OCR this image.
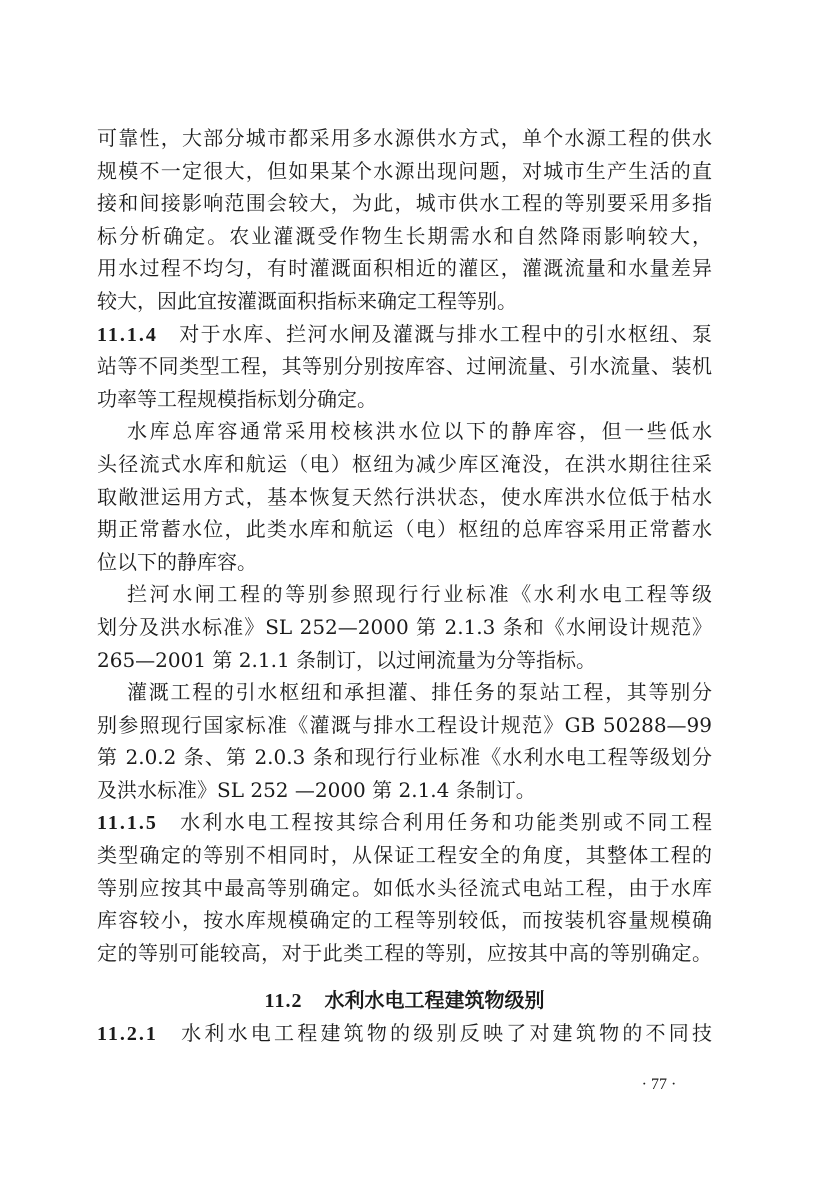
可靠性，大部分城市都采用多水源供水方式，单个水源工程的供水
规模不一定很大，但如果某个水源出现问题，对城市生产生活的直
接和间接影响范围会较大，为此，城市供水工程的等别要采用多指
标分析确定。农业灌溉受作物生长期需水和自然降雨影响较大，
用水过程不均匀，有时灌溉面积相近的灌区，灌溉流量和水量差异
较大，因此宜按灌溉面积指标来确定工程等别。
11.1.4 对于水库、拦河水闸及灌溉与排水工程中的引水枢纽、泵
站等不同类型工程，其等别分别按库容、过闸流量、引水流量、装机
功率等工程规模指标划分确定。
水库总库容通常采用校核洪水位以下的静库容，但一些低水
头径流式水库和航运（电）枢纽为减少库区淹没，在洪水期往往采
取敞泄运用方式，基本恢复天然行洪状态，使水库洪水位低于枯水
期正常蓄水位，此类水库和航运（电）枢纽的总库容采用正常蓄水
位以下的静库容。
拦河水闸工程的等别参照现行行业标准《水利水电工程等级
划分及洪水标准》SL 252—2000 第 2.1.3 条和《水闸设计规范》
265—2001 第 2.1.1 条制订，以过闸流量为分等指标。
灌溉工程的引水枢纽和承担灌、排任务的泵站工程，其等别分
别参照现行国家标准《灌溉与排水工程设计规范》GB 50288—99
第 2.0.2 条、第 2.0.3 条和现行行业标准《水利水电工程等级划分
及洪水标准》SL 252 —2000 第 2.1.4 条制订。
11.1.5 水利水电工程按其综合利用任务和功能类别或不同工程
类型确定的等别不相同时，从保证工程安全的角度，其整体工程的
等别应按其中最高等别确定。如低水头径流式电站工程，由于水库
库容较小，按水库规模确定的工程等别较低，而按装机容量规模确
定的等别可能较高，对于此类工程的等别，应按其中高的等别确定。
11.2 水利水电工程建筑物级别
11.2.1 水利水电工程建筑物的级别反映了对建筑物的不同技
· 77 ·
